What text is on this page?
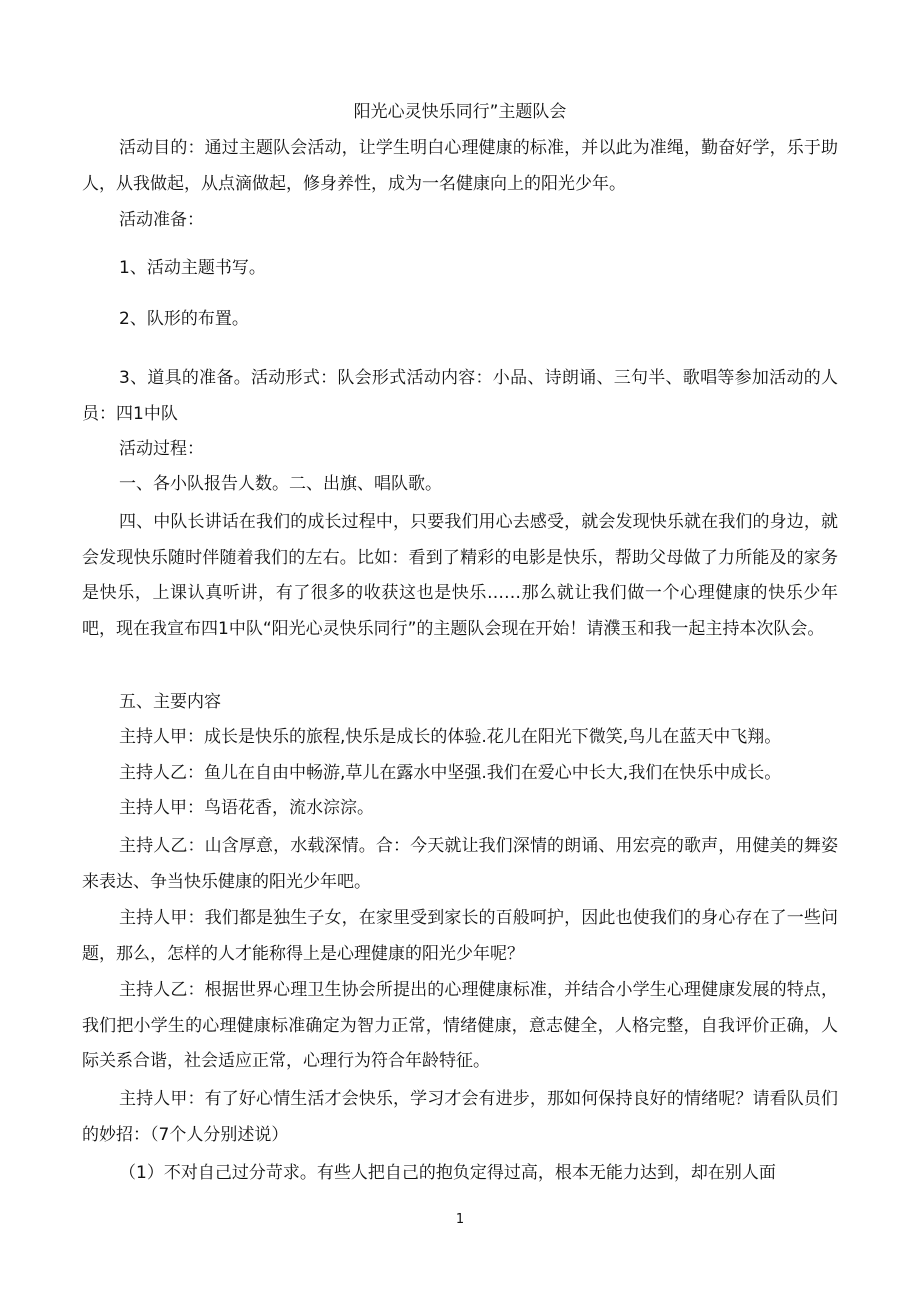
阳光心灵快乐同行”主题队会
活动目的：通过主题队会活动，让学生明白心理健康的标准，并以此为准绳，勤奋好学，乐于助人，从我做起，从点滴做起，修身养性，成为一名健康向上的阳光少年。
活动准备：
1、活动主题书写。
2、队形的布置。
3、道具的准备。活动形式：队会形式活动内容：小品、诗朗诵、三句半、歌唱等参加活动的人员：四1中队
活动过程：
一、各小队报告人数。二、出旗、唱队歌。
四、中队长讲话在我们的成长过程中，只要我们用心去感受，就会发现快乐就在我们的身边，就会发现快乐随时伴随着我们的左右。比如：看到了精彩的电影是快乐，帮助父母做了力所能及的家务是快乐，上课认真听讲，有了很多的收获这也是快乐……那么就让我们做一个心理健康的快乐少年吧，现在我宣布四1中队“阳光心灵快乐同行”的主题队会现在开始！请濮玉和我一起主持本次队会。
五、主要内容
主持人甲：成长是快乐的旅程,快乐是成长的体验.花儿在阳光下微笑,鸟儿在蓝天中飞翔。
主持人乙：鱼儿在自由中畅游,草儿在露水中坚强.我们在爱心中长大,我们在快乐中成长。
主持人甲：鸟语花香，流水淙淙。
主持人乙：山含厚意，水载深情。合：今天就让我们深情的朗诵、用宏亮的歌声，用健美的舞姿来表达、争当快乐健康的阳光少年吧。
主持人甲：我们都是独生子女，在家里受到家长的百般呵护，因此也使我们的身心存在了一些问题，那么，怎样的人才能称得上是心理健康的阳光少年呢？
主持人乙：根据世界心理卫生协会所提出的心理健康标准，并结合小学生心理健康发展的特点，我们把小学生的心理健康标准确定为智力正常，情绪健康，意志健全，人格完整，自我评价正确，人际关系合谐，社会适应正常，心理行为符合年龄特征。
主持人甲：有了好心情生活才会快乐，学习才会有进步，那如何保持良好的情绪呢？请看队员们的妙招：（7个人分别述说）
（1）不对自己过分苛求。有些人把自己的抱负定得过高，根本无能力达到，却在别人面
1
